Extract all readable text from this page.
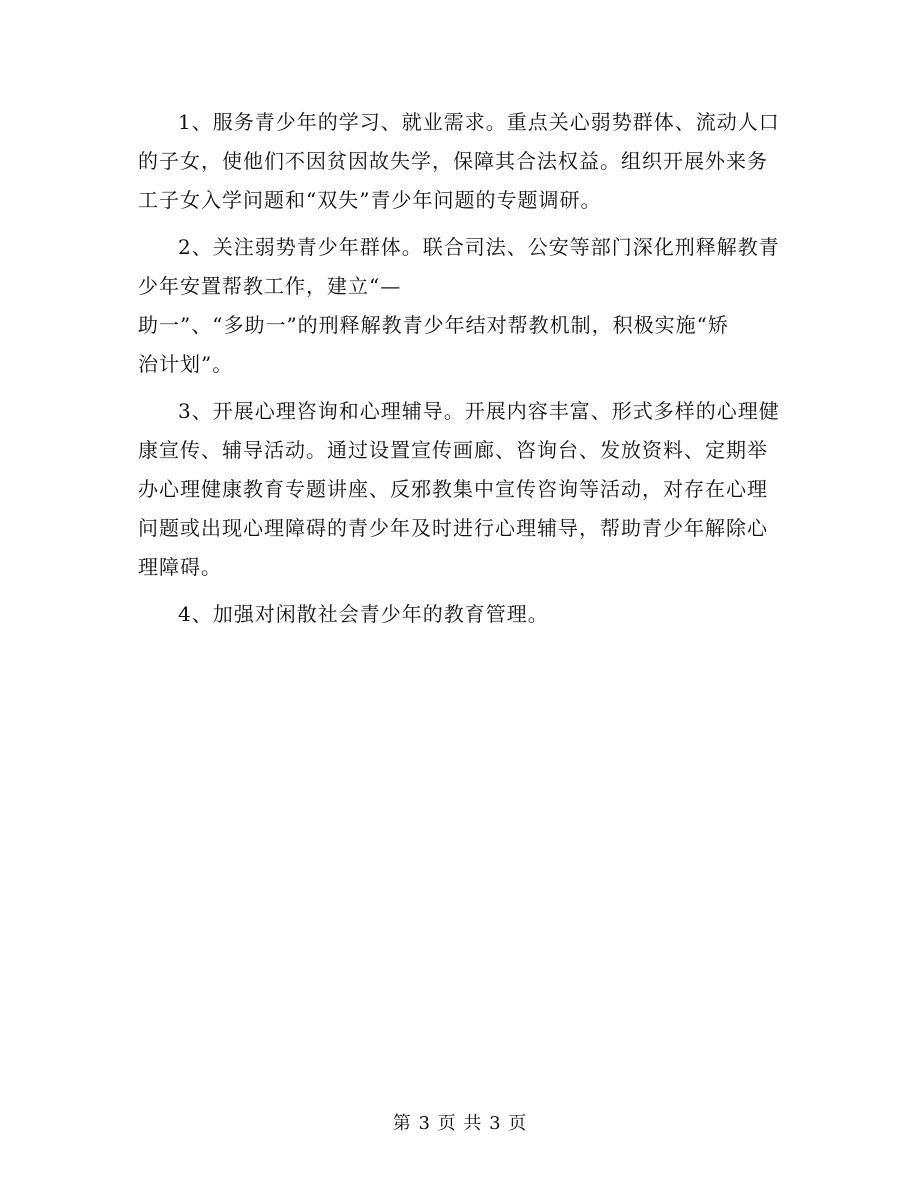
1、服务青少年的学习、就业需求。重点关心弱势群体、流动人口
的子女，使他们不因贫因故失学，保障其合法权益。组织开展外来务
工子女入学问题和“双失”青少年问题的专题调研。
2、关注弱势青少年群体。联合司法、公安等部门深化刑释解教青
少年安置帮教工作，建立“—
助一”、“多助一”的刑释解教青少年结对帮教机制，积极实施“矫
治计划”。
3、开展心理咨询和心理辅导。开展内容丰富、形式多样的心理健
康宣传、辅导活动。通过设置宣传画廊、咨询台、发放资料、定期举
办心理健康教育专题讲座、反邪教集中宣传咨询等活动，对存在心理
问题或出现心理障碍的青少年及时进行心理辅导，帮助青少年解除心
理障碍。
4、加强对闲散社会青少年的教育管理。
第 3 页 共 3 页
